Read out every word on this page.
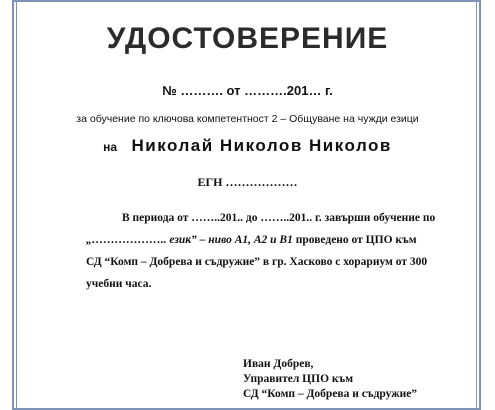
УДОСТОВЕРЕНИЕ
№ ………. от ……….201… г.
за обучение по ключова компетентност 2 – Общуване на чужди езици
на Николай Николов Николов
ЕГН ………………
В периода от ……..201.. до ……..201.. г. завърши обучение по
„……………….. език” – ниво А1, А2 и В1 проведено от ЦПО към
СД “Комп – Добрева и съдружие” в гр. Хасково с хорариум от 300
учебни часа.
Иван Добрев,
Управител ЦПО към
СД “Комп – Добрева и съдружие”
